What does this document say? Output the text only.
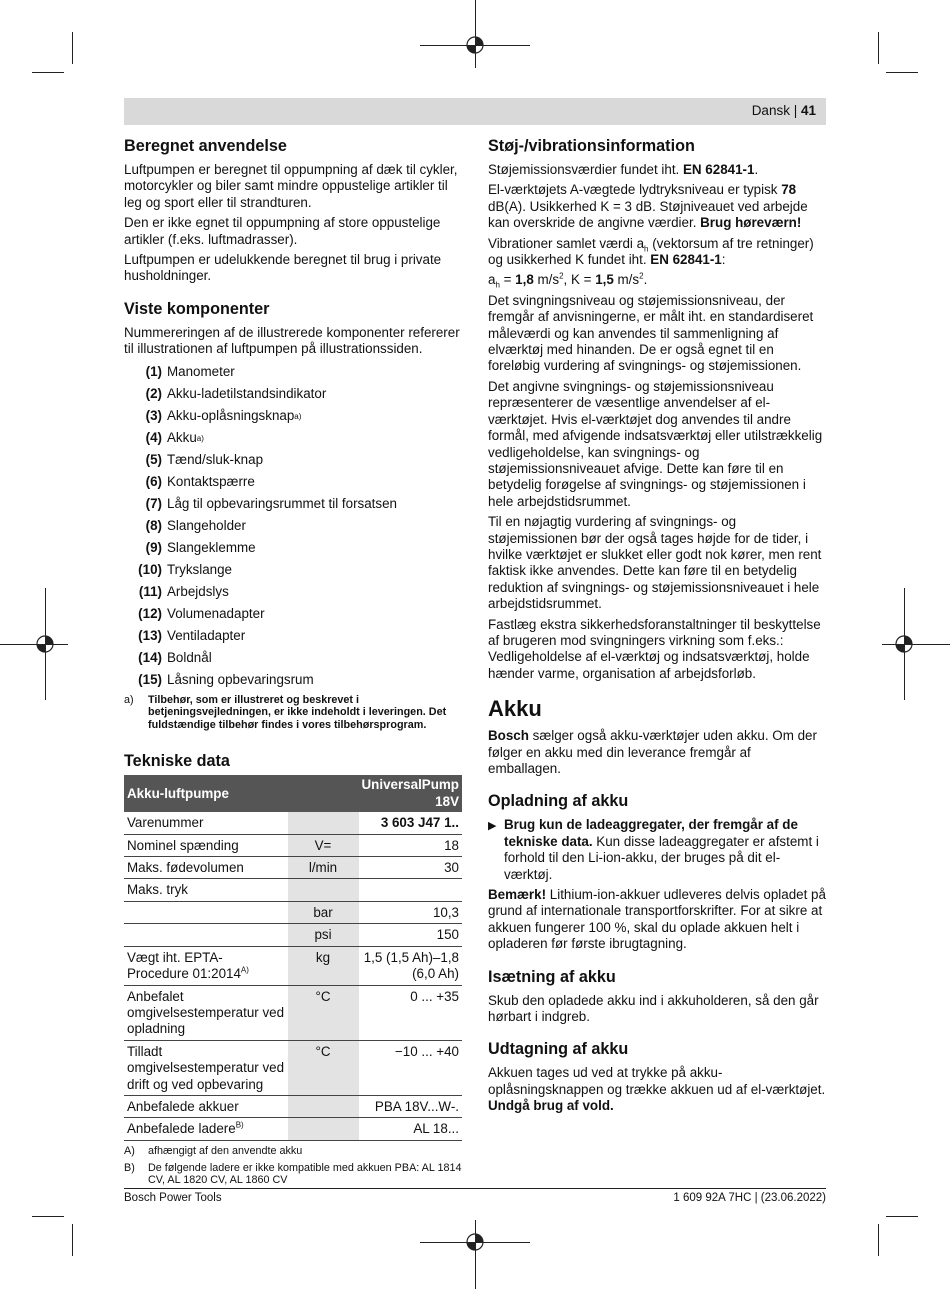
Dansk | 41
Beregnet anvendelse

Luftpumpen er beregnet til oppumpning af dæk til cykler, motorcykler og biler samt mindre oppustelige artikler til leg og sport eller til strandturen.

Den er ikke egnet til oppumpning af store oppustelige artikler (f.eks. luftmadrasser).

Luftpumpen er udelukkende beregnet til brug i private husholdninger.

Viste komponenter

Nummereringen af de illustrerede komponenter refererer til illustrationen af luftpumpen på illustrationssiden.

(1) Manometer
(2) Akku-ladetilstandsindikator
(3) Akku-oplåsningsknap a)
(4) Akku a)
(5) Tænd/sluk-knap
(6) Kontaktspærre
(7) Låg til opbevaringsrummet til forsatsen
(8) Slangeholder
(9) Slangeklemme
(10) Trykslange
(11) Arbejdslys
(12) Volumenadapter
(13) Ventiladapter
(14) Boldnål
(15) Låsning opbevaringsrum
a)	Tilbehør, som er illustreret og beskrevet i betjeningsvejledningen, er ikke indeholdt i leveringen. Det fuldstændige tilbehør findes i vores tilbehørsprogram.
Tekniske data
Akku-luftpumpe		UniversalPump 18V
Varenummer		3 603 J47 1..
Nominel spænding	V=	18
Maks. fødevolumen	l/min	30
Maks. tryk		
	bar	10,3
	psi	150
Vægt iht. EPTA-Procedure $01:2014^{A)}$	kg	1,5 (1,5 Ah)–1,8 (6,0 Ah)
Anbefalet omgivelsestemperatur ved opladning	°C	0 ... +35
Tilladt omgivelsestemperatur ved drift og ved opbevaring	°C	−10 ... +40
Anbefalede akkuer		PBA 18V...W-.
Anbefalede ladere$^{B)}$		AL 18...
A)	afhængigt af den anvendte akku
B)	De følgende ladere er ikke kompatible med akkuen PBA: AL 1814 CV, AL 1820 CV, AL 1860 CV
Støj-/vibrationsinformation

Støjemissionsværdier fundet iht. EN 62841-1.

El-værktøjets A-vægtede lydtryksniveau er typisk 78 dB(A). Usikkerhed K = 3 dB. Støjniveauet ved arbejde kan overskride de angivne værdier. Brug høreværn!

Vibrationer samlet værdi $a_h$ (vektorsum af tre retninger) og usikkerhed K fundet iht. EN 62841-1:

$a_h = 1,8$ $m/s^2$, K = 1,5 $m/s^2$.

Det svingningsniveau og støjemissionsniveau, der fremgår af anvisningerne, er målt iht. en standardiseret måleværdi og kan anvendes til sammenligning af elværktøj med hinanden. De er også egnet til en foreløbig vurdering af svingnings- og støjemissionen.

Det angivne svingnings- og støjemissionsniveau repræsenterer de væsentlige anvendelser af el-værktøjet. Hvis el-værktøjet dog anvendes til andre formål, med afvigende indsatsværktøj eller utilstrækkelig vedligeholdelse, kan svingnings- og støjemissionsniveauet afvige. Dette kan føre til en betydelig forøgelse af svingnings- og støjemissionen i hele arbejdstidsrummet.

Til en nøjagtig vurdering af svingnings- og støjemissionen bør der også tages højde for de tider, i hvilke værktøjet er slukket eller godt nok kører, men rent faktisk ikke anvendes. Dette kan føre til en betydelig reduktion af svingnings- og støjemissionsniveauet i hele arbejdstidsrummet.

Fastlæg ekstra sikkerhedsforanstaltninger til beskyttelse af brugeren mod svingningers virkning som f.eks.: Vedligeholdelse af el-værktøj og indsatsværktøj, holde hænder varme, organisation af arbejdsforløb.

Akku

Bosch sælger også akku-værktøjer uden akku. Om der følger en akku med din leverance fremgår af emballagen.

Opladning af akku
▶ Brug kun de ladeaggregater, der fremgår af de tekniske data. Kun disse ladeaggregater er afstemt i forhold til den Li-ion-akku, der bruges på dit el-værktøj.

Bemærk! Lithium-ion-akkuer udleveres delvis opladet på grund af internationale transportforskrifter. For at sikre at akkuen fungerer 100 %, skal du oplade akkuen helt i opladeren før første ibrugtagning.

Isætning af akku

Skub den opladede akku ind i akkuholderen, så den går hørbart i indgreb.

Udtagning af akku

Akkuen tages ud ved at trykke på akku-oplåsningsknappen og trække akkuen ud af el-værktøjet. Undgå brug af vold.

Bosch Power Tools	1 609 92A 7HC | (23.06.2022)
